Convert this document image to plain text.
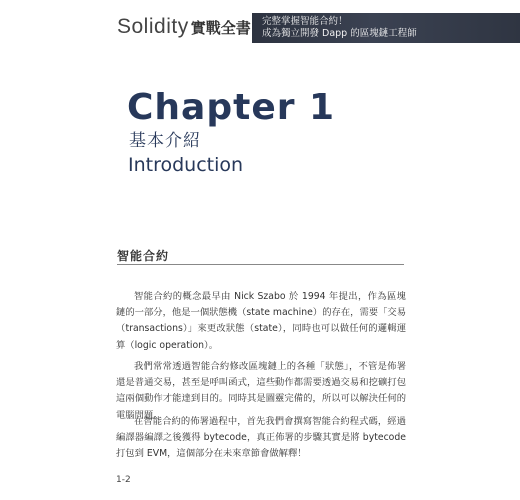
Solidity 實戰全書 完整掌握智能合約！
成為獨立開發 Dapp 的區塊鏈工程師
Chapter 1
基本介紹
Introduction
智能合約

智能合約的概念最早由 Nick Szabo 於 1994 年提出，作為區塊鏈的一部分，他是一個狀態機（state machine）的存在，需要「交易（transactions）」來更改狀態（state），同時也可以做任何的邏輯運算（logic operation）。

我們常常透過智能合約修改區塊鏈上的各種「狀態」，不管是佈署還是普通交易，甚至是呼叫函式，這些動作都需要透過交易和挖礦打包這兩個動作才能達到目的。同時其是圖靈完備的，所以可以解決任何的電腦問題。

在智能合約的佈署過程中，首先我們會撰寫智能合約程式碼，經過編譯器編譯之後獲得 bytecode，真正佈署的步驟其實是將 bytecode 打包到 EVM，這個部分在未來章節會做解釋！

1-2
